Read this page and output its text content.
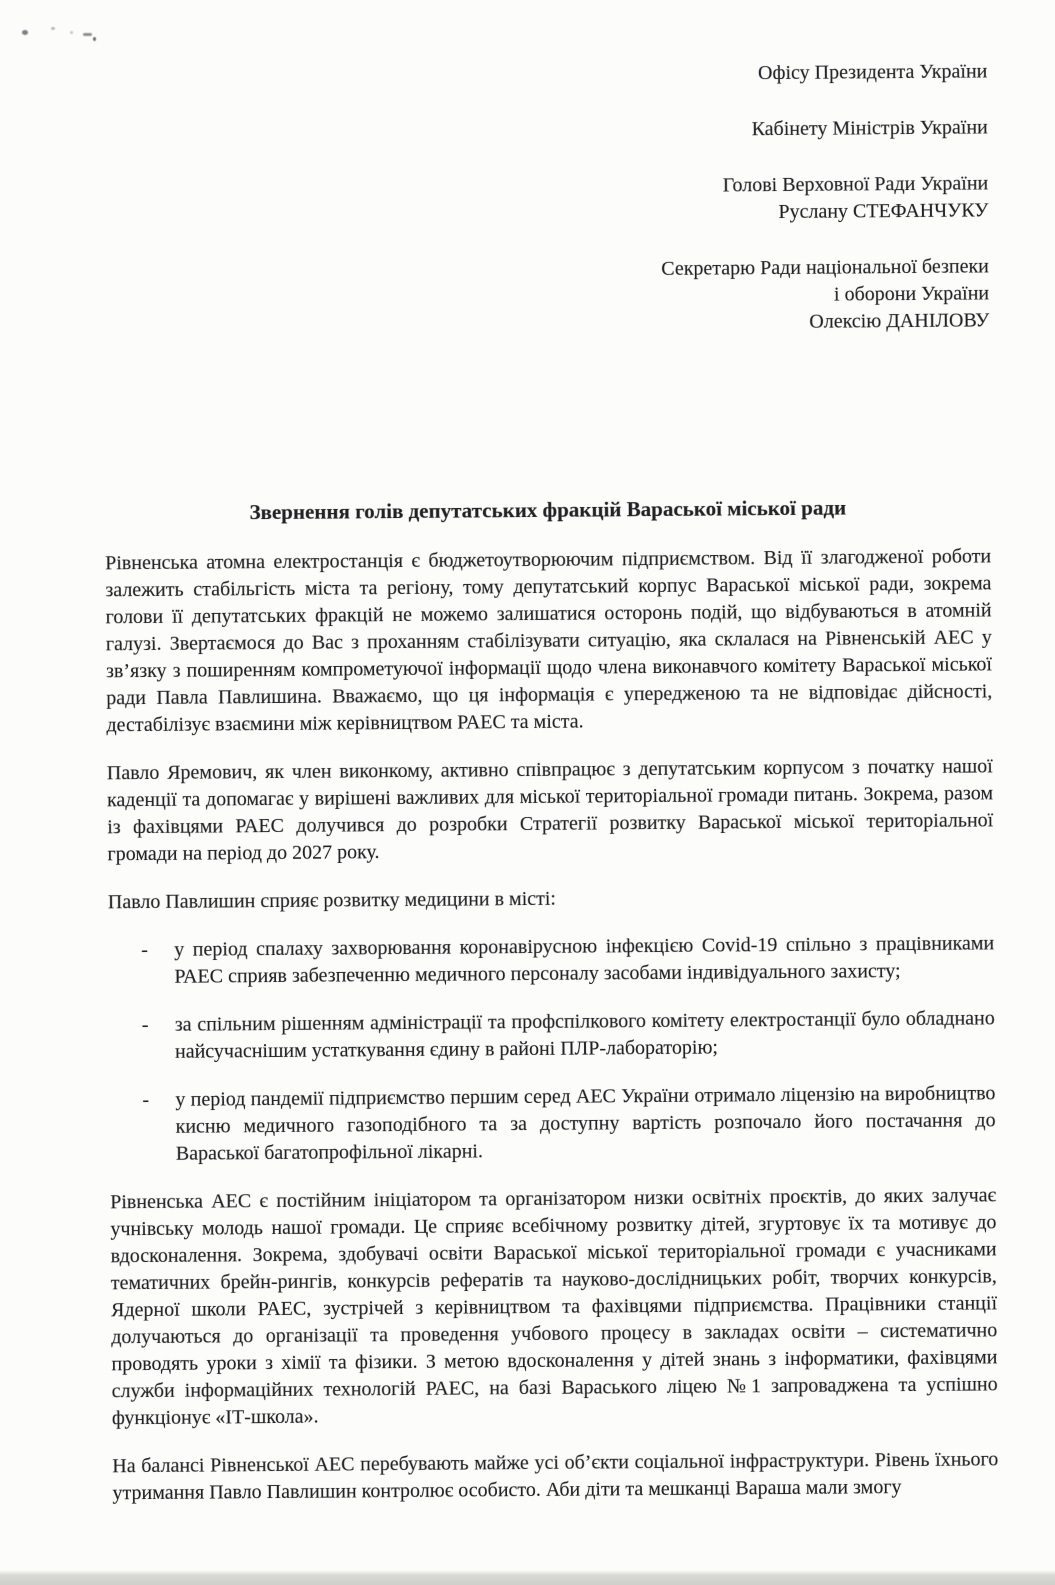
Офісу Президента України

Кабінету Міністрів України

Голові Верховної Ради України
Руслану СТЕФАНЧУКУ

Секретарю Ради національної безпеки
і оборони України
Олексію ДАНІЛОВУ

Звернення голів депутатських фракцій Вараської міської ради

Рівненська атомна електростанція є бюджетоутворюючим підприємством. Від її злагодженої роботи залежить стабільгість міста та регіону, тому депутатський корпус Вараської міської ради, зокрема голови її депутатських фракцій не можемо залишатися осторонь подій, що відбуваються в атомній галузі. Звертаємося до Вас з проханням стабілізувати ситуацію, яка склалася на Рівненській АЕС у зв’язку з поширенням компрометуючої інформації щодо члена виконавчого комітету Вараської міської ради Павла Павлишина. Вважаємо, що ця інформація є упередженою та не відповідає дійсності, дестабілізує взаємини між керівництвом РАЕС та міста.

Павло Яремович, як член виконкому, активно співпрацює з депутатським корпусом з початку нашої каденції та допомагає у вирішені важливих для міської територіальної громади питань. Зокрема, разом із фахівцями РАЕС долучився до розробки Стратегії розвитку Вараської міської територіальної громади на період до 2027 року.

Павло Павлишин сприяє розвитку медицини в місті:

-	у період спалаху захворювання коронавірусною інфекцією Covid-19 спільно з працівниками РАЕС сприяв забезпеченню медичного персоналу засобами індивідуального захисту;
-	за спільним рішенням адміністрації та профспілкового комітету електростанції було обладнано найсучаснішим устаткування єдину в районі ПЛР-лабораторію;
-	у період пандемії підприємство першим серед АЕС України отримало ліцензію на виробництво кисню медичного газоподібного та за доступну вартість розпочало його постачання до Вараської багатопрофільної лікарні.

Рівненська АЕС є постійним ініціатором та організатором низки освітніх проєктів, до яких залучає учнівську молодь нашої громади. Це сприяє всебічному розвитку дітей, згуртовує їх та мотивує до вдосконалення. Зокрема, здобувачі освіти Вараської міської територіальної громади є учасниками тематичних брейн-рингів, конкурсів рефератів та науково-дослідницьких робіт, творчих конкурсів, Ядерної школи РАЕС, зустрічей з керівництвом та фахівцями підприємства. Працівники станції долучаються до організації та проведення учбового процесу в закладах освіти – систематично проводять уроки з хімії та фізики. З метою вдосконалення у дітей знань з інформатики, фахівцями служби інформаційних технологій РАЕС, на базі Вараського ліцею №1 запроваджена та успішно функціонує «ІТ-школа».

На балансі Рівненської АЕС перебувають майже усі об’єкти соціальної інфраструктури. Рівень їхнього утримання Павло Павлишин контролює особисто. Аби діти та мешканці Вараша мали змогу
